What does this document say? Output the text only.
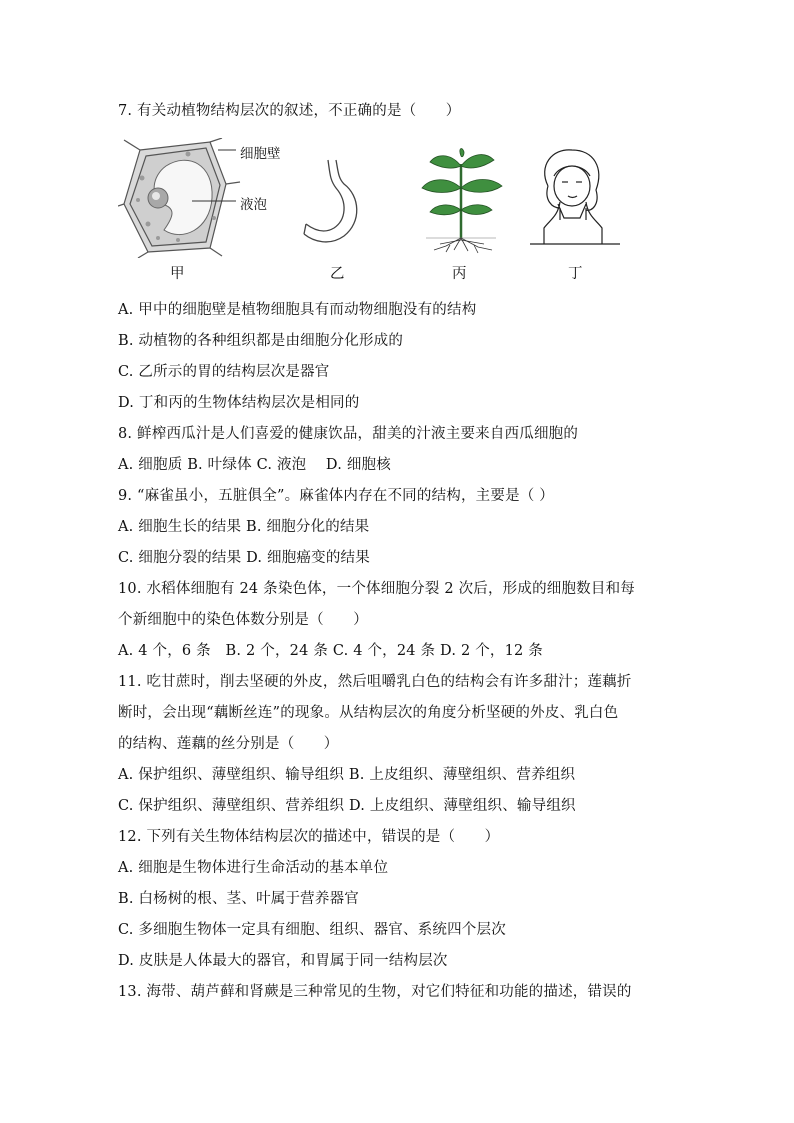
7. 有关动植物结构层次的叙述，不正确的是（　　）
细胞壁
液泡
甲	乙	丙	丁
A. 甲中的细胞壁是植物细胞具有而动物细胞没有的结构
B. 动植物的各种组织都是由细胞分化形成的
C. 乙所示的胃的结构层次是器官
D. 丁和丙的生物体结构层次是相同的
8. 鲜榨西瓜汁是人们喜爱的健康饮品，甜美的汁液主要来自西瓜细胞的
A. 细胞质 B. 叶绿体 C. 液泡　 D. 细胞核
9. “麻雀虽小，五脏俱全”。麻雀体内存在不同的结构，主要是（ ）
A. 细胞生长的结果 B. 细胞分化的结果
C. 细胞分裂的结果 D. 细胞癌变的结果
10. 水稻体细胞有 24 条染色体，一个体细胞分裂 2 次后，形成的细胞数目和每
个新细胞中的染色体数分别是（　　）
A. 4 个，6 条　B. 2 个，24 条 C. 4 个，24 条 D. 2 个，12 条
11. 吃甘蔗时，削去坚硬的外皮，然后咀嚼乳白色的结构会有许多甜汁；莲藕折
断时，会出现“藕断丝连”的现象。从结构层次的角度分析坚硬的外皮、乳白色
的结构、莲藕的丝分别是（　　）
A. 保护组织、薄壁组织、输导组织 B. 上皮组织、薄壁组织、营养组织
C. 保护组织、薄壁组织、营养组织 D. 上皮组织、薄壁组织、输导组织
12. 下列有关生物体结构层次的描述中，错误的是（　　）
A. 细胞是生物体进行生命活动的基本单位
B. 白杨树的根、茎、叶属于营养器官
C. 多细胞生物体一定具有细胞、组织、器官、系统四个层次
D. 皮肤是人体最大的器官，和胃属于同一结构层次
13. 海带、葫芦藓和肾蕨是三种常见的生物，对它们特征和功能的描述，错误的
